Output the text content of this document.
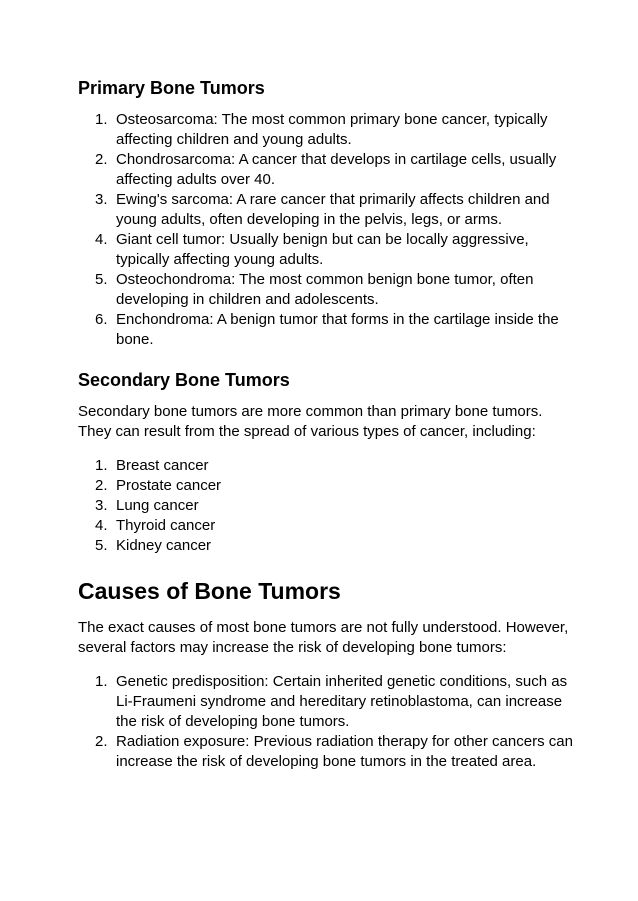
Primary Bone Tumors
1. Osteosarcoma: The most common primary bone cancer, typically affecting children and young adults.
2. Chondrosarcoma: A cancer that develops in cartilage cells, usually affecting adults over 40.
3. Ewing's sarcoma: A rare cancer that primarily affects children and young adults, often developing in the pelvis, legs, or arms.
4. Giant cell tumor: Usually benign but can be locally aggressive, typically affecting young adults.
5. Osteochondroma: The most common benign bone tumor, often developing in children and adolescents.
6. Enchondroma: A benign tumor that forms in the cartilage inside the bone.
Secondary Bone Tumors

Secondary bone tumors are more common than primary bone tumors. They can result from the spread of various types of cancer, including:

1. Breast cancer
2. Prostate cancer
3. Lung cancer
4. Thyroid cancer
5. Kidney cancer
Causes of Bone Tumors

The exact causes of most bone tumors are not fully understood. However, several factors may increase the risk of developing bone tumors:

1. Genetic predisposition: Certain inherited genetic conditions, such as Li-Fraumeni syndrome and hereditary retinoblastoma, can increase the risk of developing bone tumors.
2. Radiation exposure: Previous radiation therapy for other cancers can increase the risk of developing bone tumors in the treated area.
